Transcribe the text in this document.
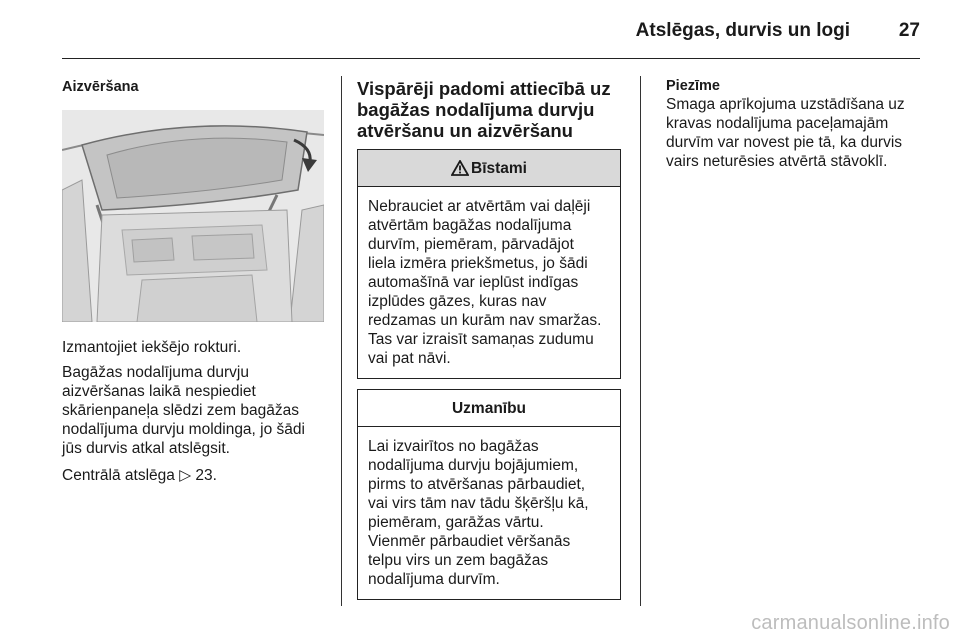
Atslēgas, durvis un logi	27

Aizvēršana

Izmantojiet iekšējo rokturi.

Bagāžas nodalījuma durvju
aizvēršanas laikā nespiediet
skārienpaneļa slēdzi zem bagāžas
nodalījuma durvju moldinga, jo šādi
jūs durvis atkal atslēgsit.

Centrālā atslēga ▷ 23.

Vispārēji padomi attiecībā uz
bagāžas nodalījuma durvju
atvēršanu un aizvēršanu
Bīstami
Nebrauciet ar atvērtām vai daļēji
atvērtām bagāžas nodalījuma
durvīm, piemēram, pārvadājot
liela izmēra priekšmetus, jo šādi
automašīnā var ieplūst indīgas
izplūdes gāzes, kuras nav
redzamas un kurām nav smaržas.
Tas var izraisīt samaņas zudumu
vai pat nāvi.
Uzmanību
Lai izvairītos no bagāžas
nodalījuma durvju bojājumiem,
pirms to atvēršanas pārbaudiet,
vai virs tām nav tādu šķēršļu kā,
piemēram, garāžas vārtu.
Vienmēr pārbaudiet vēršanās
telpu virs un zem bagāžas
nodalījuma durvīm.

Piezīme

Smaga aprīkojuma uzstādīšana uz
kravas nodalījuma paceļamajām
durvīm var novest pie tā, ka durvis
vairs neturēsies atvērtā stāvoklī.

carmanualsonline.info
